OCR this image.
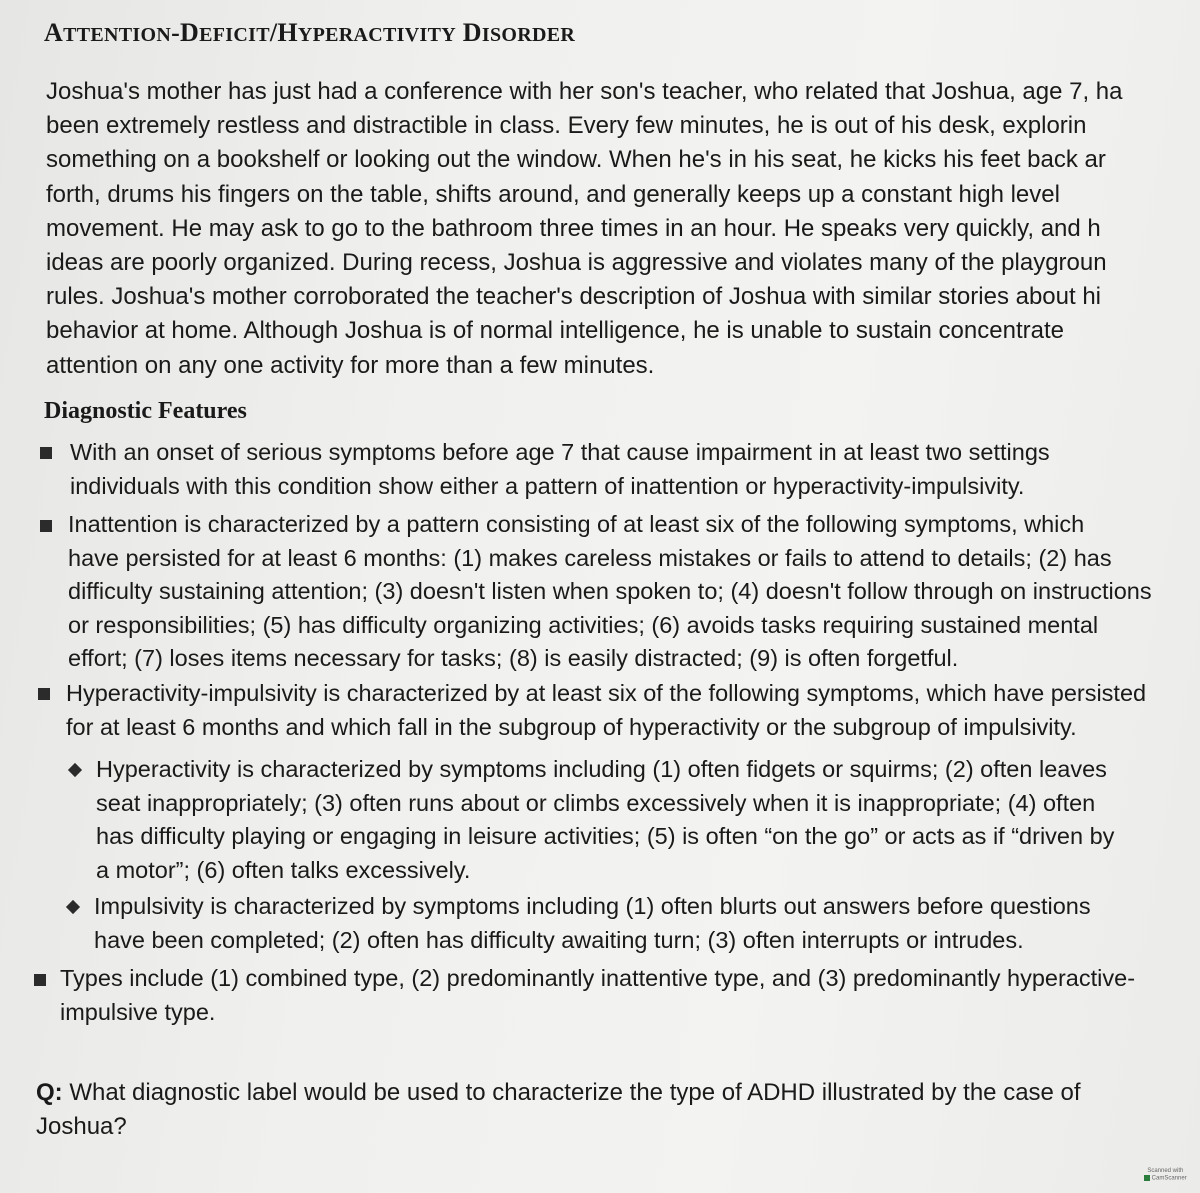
ATTENTION-DEFICIT/HYPERACTIVITY DISORDER

Joshua's mother has just had a conference with her son's teacher, who related that Joshua, age 7, ha
been extremely restless and distractible in class. Every few minutes, he is out of his desk, explorin
something on a bookshelf or looking out the window. When he's in his seat, he kicks his feet back ar
forth, drums his fingers on the table, shifts around, and generally keeps up a constant high level
movement. He may ask to go to the bathroom three times in an hour. He speaks very quickly, and h
ideas are poorly organized. During recess, Joshua is aggressive and violates many of the playgroun
rules. Joshua's mother corroborated the teacher's description of Joshua with similar stories about hi
behavior at home. Although Joshua is of normal intelligence, he is unable to sustain concentrate
attention on any one activity for more than a few minutes.

Diagnostic Features

With an onset of serious symptoms before age 7 that cause impairment in at least two settings
individuals with this condition show either a pattern of inattention or hyperactivity-impulsivity.

Inattention is characterized by a pattern consisting of at least six of the following symptoms, which
have persisted for at least 6 months: (1) makes careless mistakes or fails to attend to details; (2) has
difficulty sustaining attention; (3) doesn't listen when spoken to; (4) doesn't follow through on instructions
or responsibilities; (5) has difficulty organizing activities; (6) avoids tasks requiring sustained mental
effort; (7) loses items necessary for tasks; (8) is easily distracted; (9) is often forgetful.

Hyperactivity-impulsivity is characterized by at least six of the following symptoms, which have persisted
for at least 6 months and which fall in the subgroup of hyperactivity or the subgroup of impulsivity.

Hyperactivity is characterized by symptoms including (1) often fidgets or squirms; (2) often leaves
seat inappropriately; (3) often runs about or climbs excessively when it is inappropriate; (4) often
has difficulty playing or engaging in leisure activities; (5) is often “on the go” or acts as if “driven by
a motor”; (6) often talks excessively.

Impulsivity is characterized by symptoms including (1) often blurts out answers before questions
have been completed; (2) often has difficulty awaiting turn; (3) often interrupts or intrudes.

Types include (1) combined type, (2) predominantly inattentive type, and (3) predominantly hyperactive-
impulsive type.

Q: What diagnostic label would be used to characterize the type of ADHD illustrated by the case of
Joshua?

Scanned with
CamScanner
